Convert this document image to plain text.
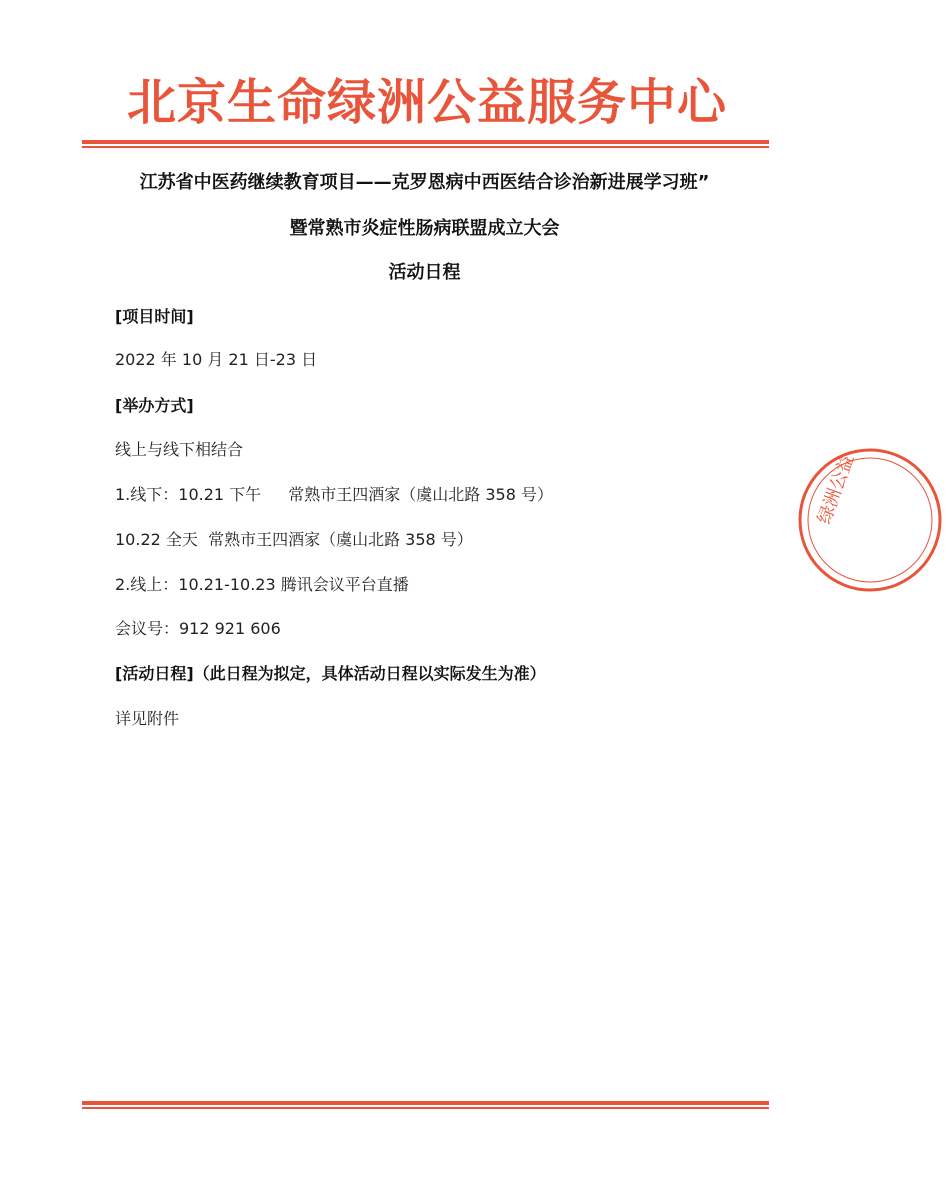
北京生命绿洲公益服务中心
江苏省中医药继续教育项目——克罗恩病中西医结合诊治新进展学习班”
暨常熟市炎症性肠病联盟成立大会
活动日程
[项目时间]
2022 年 10 月 21 日-23 日
[举办方式]
线上与线下相结合
1.线下：10.21 下午 常熟市王四酒家（虞山北路 358 号）
10.22 全天  常熟市王四酒家（虞山北路 358 号）
2.线上：10.21-10.23 腾讯会议平台直播
会议号：912 921 606
[活动日程]（此日程为拟定，具体活动日程以实际发生为准）
详见附件
绿洲公益
